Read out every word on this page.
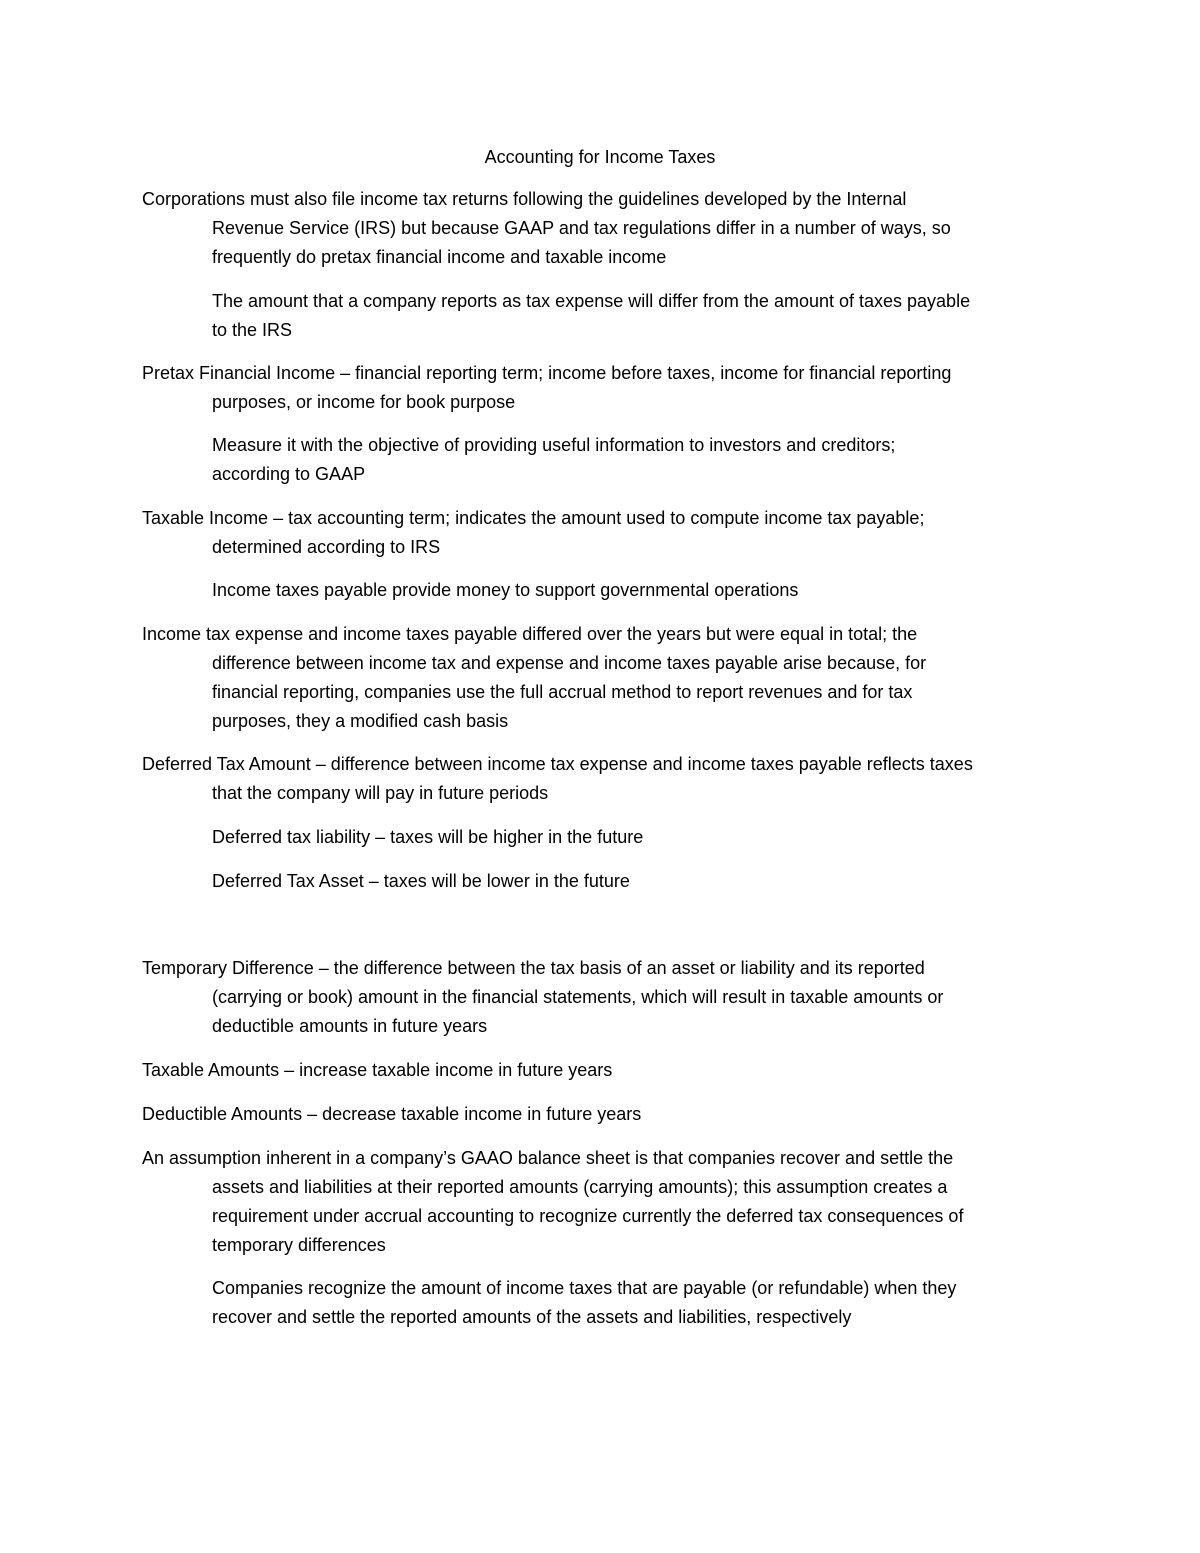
Accounting for Income Taxes
Corporations must also file income tax returns following the guidelines developed by the Internal
Revenue Service (IRS) but because GAAP and tax regulations differ in a number of ways, so
frequently do pretax financial income and taxable income
The amount that a company reports as tax expense will differ from the amount of taxes payable
to the IRS
Pretax Financial Income – financial reporting term; income before taxes, income for financial reporting
purposes, or income for book purpose
Measure it with the objective of providing useful information to investors and creditors;
according to GAAP
Taxable Income – tax accounting term; indicates the amount used to compute income tax payable;
determined according to IRS
Income taxes payable provide money to support governmental operations
Income tax expense and income taxes payable differed over the years but were equal in total; the
difference between income tax and expense and income taxes payable arise because, for
financial reporting, companies use the full accrual method to report revenues and for tax
purposes, they a modified cash basis
Deferred Tax Amount – difference between income tax expense and income taxes payable reflects taxes
that the company will pay in future periods
Deferred tax liability – taxes will be higher in the future
Deferred Tax Asset – taxes will be lower in the future
Temporary Difference – the difference between the tax basis of an asset or liability and its reported
(carrying or book) amount in the financial statements, which will result in taxable amounts or
deductible amounts in future years
Taxable Amounts – increase taxable income in future years
Deductible Amounts – decrease taxable income in future years
An assumption inherent in a company’s GAAO balance sheet is that companies recover and settle the
assets and liabilities at their reported amounts (carrying amounts); this assumption creates a
requirement under accrual accounting to recognize currently the deferred tax consequences of
temporary differences
Companies recognize the amount of income taxes that are payable (or refundable) when they
recover and settle the reported amounts of the assets and liabilities, respectively
